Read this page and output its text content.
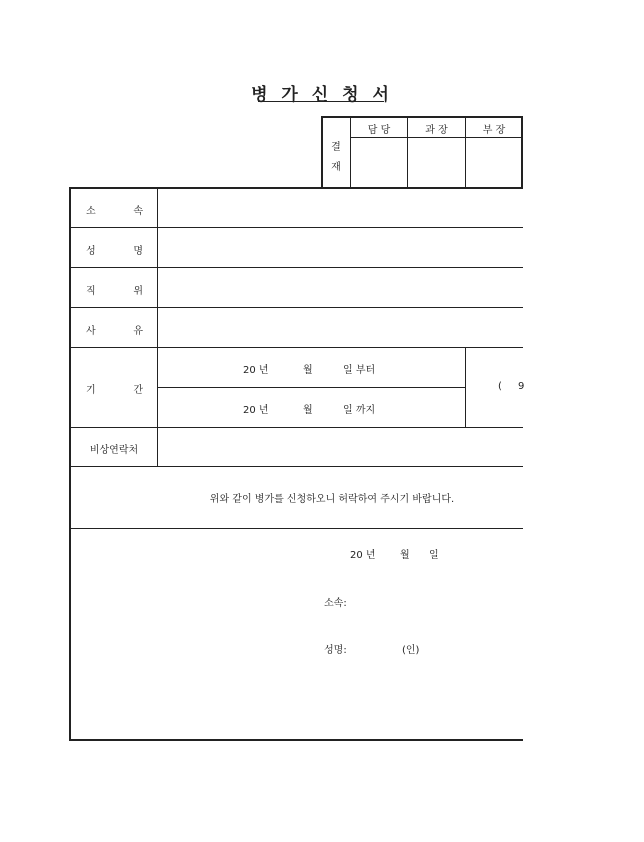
병 가 신 청 서
결
재
담 당	과 장	부 장
소	속
성	명
직	위
사	유
기	간
20 년	월	일 부터
20 년	월	일 까지
( 9
비상연락처
위와 같이 병가를 신청하오니 허락하여 주시기 바랍니다.
20 년 월 일
소속:
성명:	(인)
